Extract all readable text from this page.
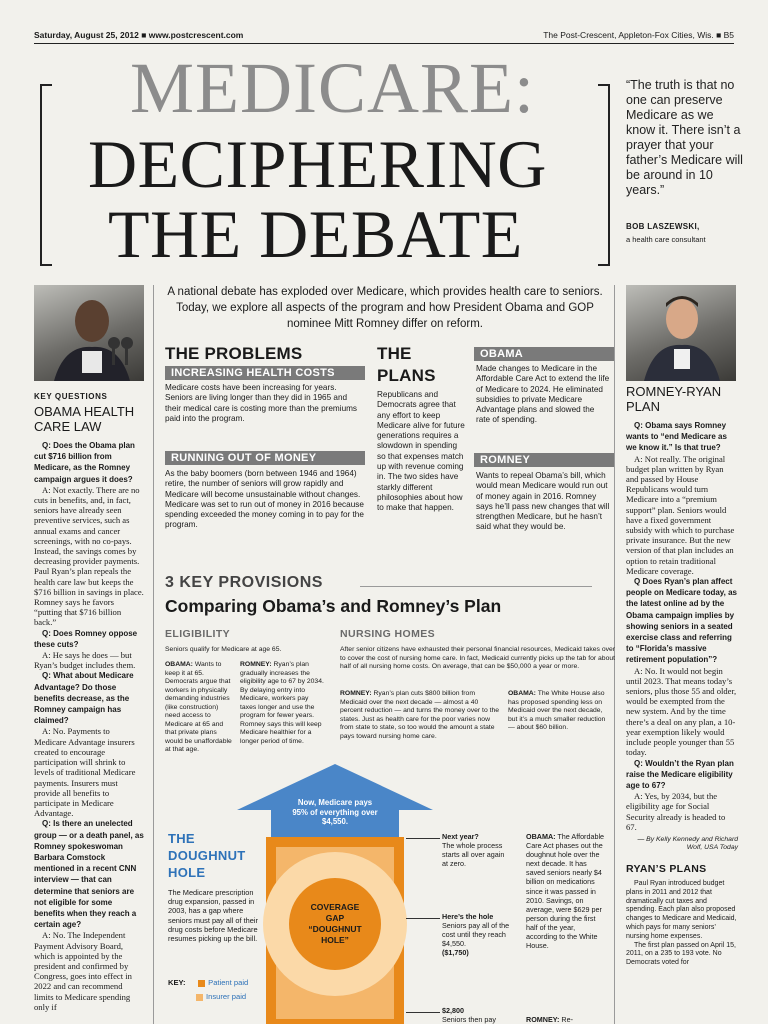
Saturday, August 25, 2012 ■ www.postcrescent.com	The Post-Crescent, Appleton-Fox Cities, Wis. ■ B5
MEDICARE:
DECIPHERING
THE DEBATE
“The truth is that no one can preserve Medicare as we know it. There isn’t a prayer that your father’s Medicare will be around in 10 years.”
BOB LASZEWSKI,
a health care consultant
A national debate has exploded over Medicare, which provides health care to seniors. Today, we explore all aspects of the program and how President Obama and GOP nominee Mitt Romney differ on reform.
KEY QUESTIONS
OBAMA HEALTH CARE LAW

Q: Does the Obama plan cut $716 billion from Medicare, as the Romney campaign argues it does?

A: Not exactly. There are no cuts in benefits, and, in fact, seniors have already seen preventive services, such as annual exams and cancer screenings, with no co-pays. Instead, the savings comes by decreasing provider payments. Paul Ryan’s plan repeals the health care law but keeps the $716 billion in savings in place. Romney says he favors “putting that $716 billion back.”

Q: Does Romney oppose these cuts?

A: He says he does — but Ryan’s budget includes them.

Q: What about Medicare Advantage? Do those benefits decrease, as the Romney campaign has claimed?

A: No. Payments to Medicare Advantage insurers created to encourage participation will shrink to levels of traditional Medicare payments. Insurers must provide all benefits to participate in Medicare Advantage.

Q: Is there an unelected group — or a death panel, as Romney spokeswoman Barbara Comstock mentioned in a recent CNN interview — that can determine that seniors are not eligible for some benefits when they reach a certain age?

A: No. The Independent Payment Advisory Board, which is appointed by the president and confirmed by Congress, goes into effect in 2022 and can recommend limits to Medicare spending only if

THE PROBLEMS
INCREASING HEALTH COSTS
Medicare costs have been increasing for years. Seniors are living longer than they did in 1965 and their medical care is costing more than the premiums paid into the program.
RUNNING OUT OF MONEY
As the baby boomers (born between 1946 and 1964) retire, the number of seniors will grow rapidly and Medicare will become unsustainable without changes. Medicare was set to run out of money in 2016 because spending exceeded the money coming in to pay for the program.
THE PLANS
Republicans and Democrats agree that any effort to keep Medicare alive for future generations requires a slowdown in spending so that expenses match up with revenue coming in. The two sides have starkly different philosophies about how to make that happen.
OBAMA
Made changes to Medicare in the Affordable Care Act to extend the life of Medicare to 2024. He eliminated subsidies to private Medicare Advantage plans and slowed the rate of spending.
ROMNEY
Wants to repeal Obama’s bill, which would mean Medicare would run out of money again in 2016. Romney says he’ll pass new changes that will strengthen Medicare, but he hasn’t said what they would be.
3 KEY PROVISIONS
Comparing Obama’s and Romney’s Plan
ELIGIBILITY
Seniors qualify for Medicare at age 65.
OBAMA: Wants to keep it at 65. Democrats argue that workers in physically demanding industries (like construction) need access to Medicare at 65 and that private plans would be unaffordable at that age.
ROMNEY: Ryan’s plan gradually increases the eligibility age to 67 by 2034. By delaying entry into Medicare, workers pay taxes longer and use the program for fewer years. Romney says this will keep Medicare healthier for a longer period of time.
NURSING HOMES
After senior citizens have exhausted their personal financial resources, Medicaid takes over to cover the cost of nursing home care. In fact, Medicaid currently picks up the tab for about half of all nursing home costs. On average, that can be $50,000 a year or more.
ROMNEY: Ryan’s plan cuts $800 billion from Medicaid over the next decade — almost a 40 percent reduction — and turns the money over to the states. Just as health care for the poor varies now from state to state, so too would the amount a state pays toward nursing home care.
OBAMA: The White House also has proposed spending less on Medicaid over the next decade, but it’s a much smaller reduction — about $60 billion.
Now, Medicare pays 95% of everything over $4,550.
COVERAGE GAP “DOUGHNUT HOLE”
THE DOUGHNUT HOLE
The Medicare prescription drug expansion, passed in 2003, has a gap where seniors must pay all of their drug costs before Medicare resumes picking up the bill.
KEY:	Patient paid
Insurer paid
Next year?
The whole process starts all over again at zero.
Here’s the hole
Seniors pay all of the cost until they reach $4,550.
($1,750)
$2,800
Seniors then pay
OBAMA: The Affordable Care Act phases out the doughnut hole over the next decade. It has saved seniors nearly $4 billion on medications since it was passed in 2010. Savings, on average, were $629 per person during the first half of the year, according to the White House.
ROMNEY: Re-
ROMNEY-RYAN PLAN

Q: Obama says Romney wants to “end Medicare as we know it.” Is that true?

A: Not really. The original budget plan written by Ryan and passed by House Republicans would turn Medicare into a “premium support” plan. Seniors would have a fixed government subsidy with which to purchase private insurance. But the new version of that plan includes an option to retain traditional Medicare coverage.

Q Does Ryan’s plan affect people on Medicare today, as the latest online ad by the Obama campaign implies by showing seniors in a seated exercise class and referring to “Florida’s massive retirement population”?

A: No. It would not begin until 2023. That means today’s seniors, plus those 55 and older, would be exempted from the new system. And by the time there’s a deal on any plan, a 10-year exemption likely would include people younger than 55 today.

Q: Wouldn’t the Ryan plan raise the Medicare eligibility age to 67?

A: Yes, by 2034, but the eligibility age for Social Security already is headed to 67.

— By Kelly Kennedy and Richard Wolf, USA Today
RYAN’S PLANS

Paul Ryan introduced budget plans in 2011 and 2012 that dramatically cut taxes and spending. Each plan also proposed changes to Medicare and Medicaid, which pays for many seniors’ nursing home expenses.

The first plan passed on April 15, 2011, on a 235 to 193 vote. No Democrats voted for
